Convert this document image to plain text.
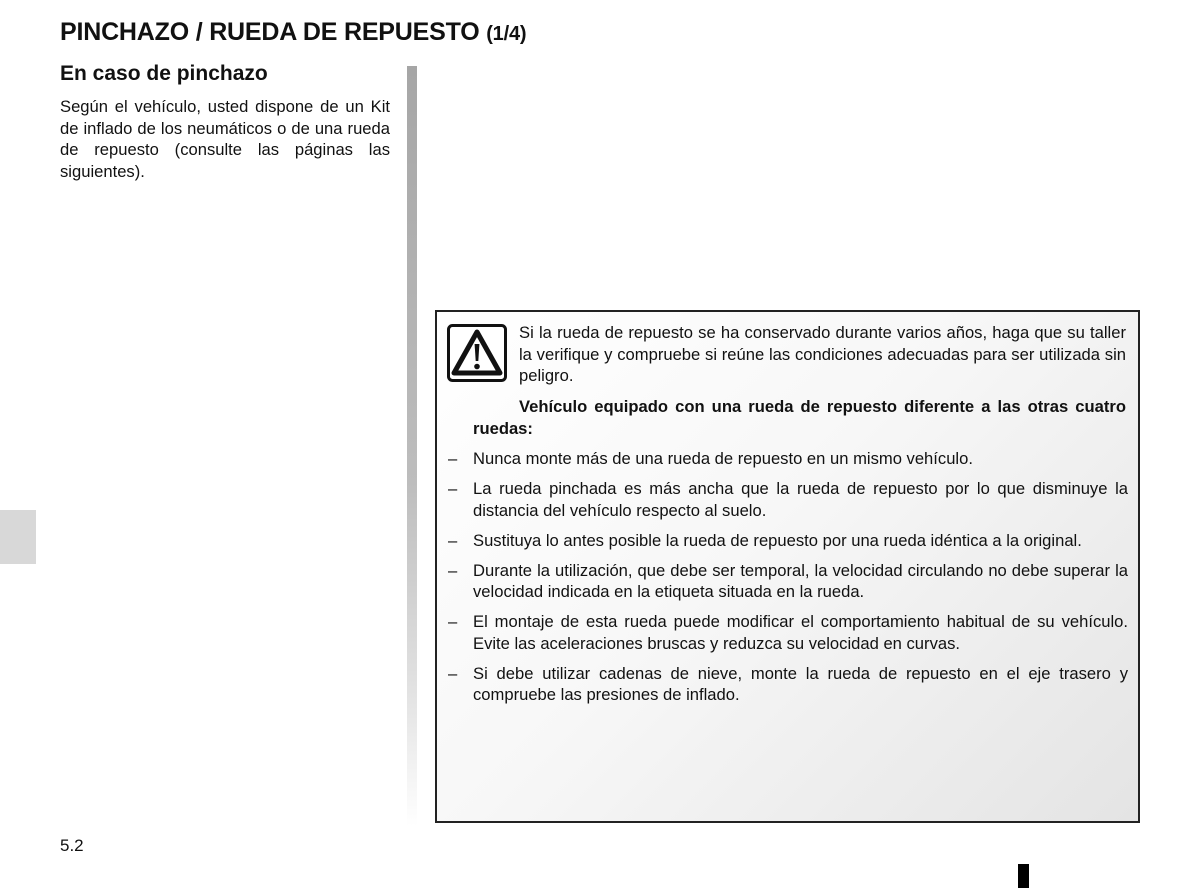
PINCHAZO / RUEDA DE REPUESTO (1/4)
En caso de pinchazo

Según el vehículo, usted dispone de un Kit de inflado de los neumáticos o de una rueda de repuesto (consulte las páginas las siguientes).

Si la rueda de repuesto se ha conservado durante varios años, haga que su taller la verifique y compruebe si reúne las condiciones adecuadas para ser utilizada sin peligro.

Vehículo equipado con una rueda de repuesto diferente a las otras cuatro ruedas:

– Nunca monte más de una rueda de repuesto en un mismo vehículo.
– La rueda pinchada es más ancha que la rueda de repuesto por lo que disminuye la distancia del vehículo respecto al suelo.
– Sustituya lo antes posible la rueda de repuesto por una rueda idéntica a la original.
– Durante la utilización, que debe ser temporal, la velocidad circulando no debe superar la velocidad indicada en la etiqueta situada en la rueda.
– El montaje de esta rueda puede modificar el comportamiento habitual de su vehículo. Evite las aceleraciones bruscas y reduzca su velocidad en curvas.
– Si debe utilizar cadenas de nieve, monte la rueda de repuesto en el eje trasero y compruebe las presiones de inflado.
5.2
